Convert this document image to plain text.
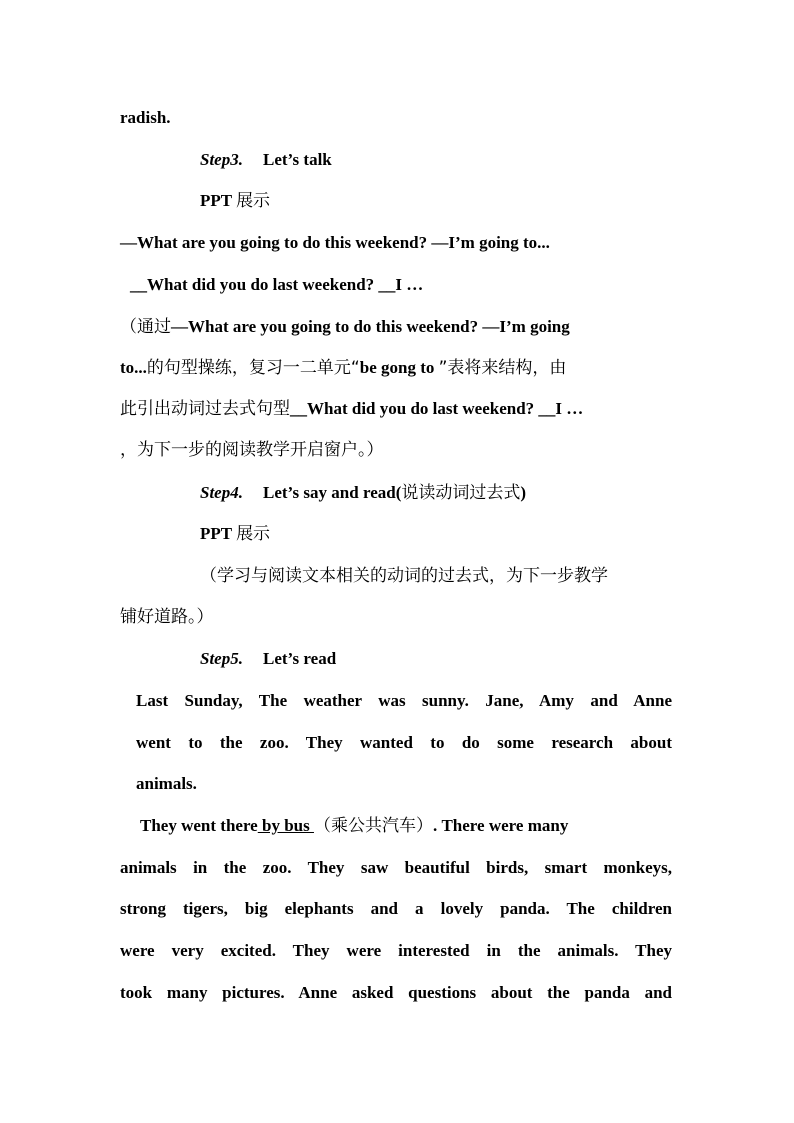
radish.
Step3. Let’s talk
PPT 展示
—What are you going to do this weekend? —I’m going to...
__What did you do last weekend? __I …
（通过—What are you going to do this weekend? —I’m going
to...的句型操练，复习一二单元“be gong to ”表将来结构，由
此引出动词过去式句型__What did you do last weekend? __I …
，为下一步的阅读教学开启窗户。）
Step4. Let’s say and read(说读动词过去式)
PPT 展示
（学习与阅读文本相关的动词的过去式，为下一步教学
铺好道路。）
Step5. Let’s read
Last Sunday, The weather was sunny. Jane, Amy and Anne
went to the zoo. They wanted to do some research about
animals.
They went there by bus （乘公共汽车）. There were many
animals in the zoo. They saw beautiful birds, smart monkeys,
strong tigers, big elephants and a lovely panda. The children
were very excited. They were interested in the animals. They
took many pictures. Anne asked questions about the panda and
